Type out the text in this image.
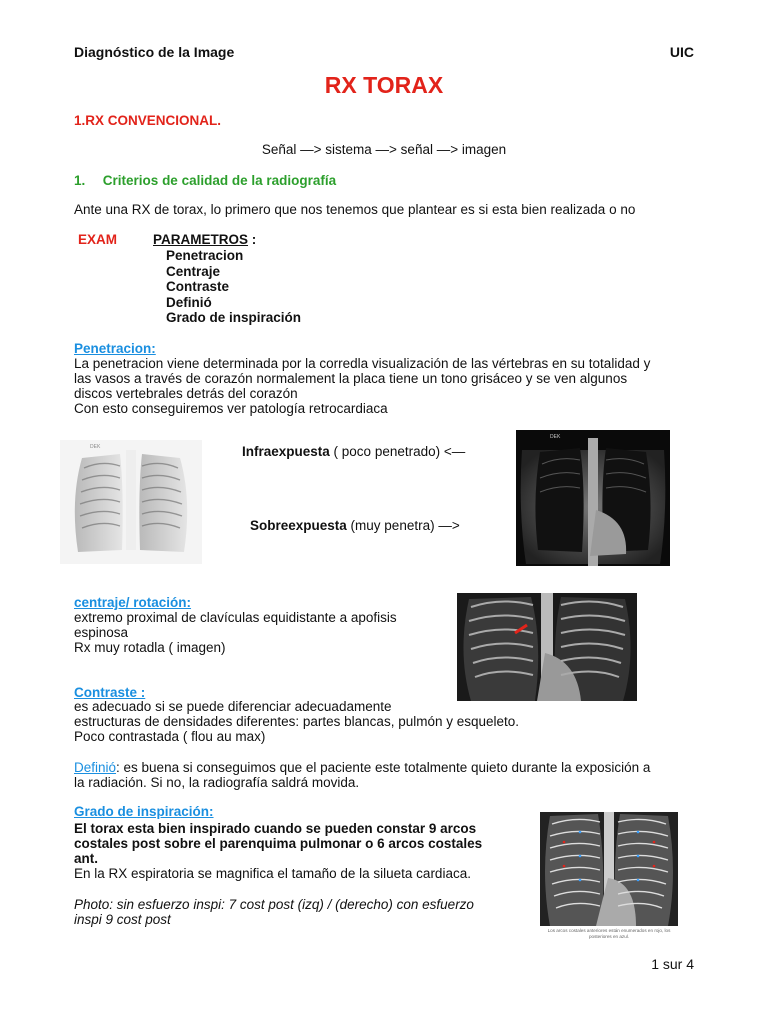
Diagnóstico de la Image	UIC
RX TORAX
1.RX CONVENCIONAL.
Señal —> sistema —> señal —> imagen
1. Criterios de calidad de la radiografía
Ante una RX de torax, lo primero que nos tenemos que plantear es si esta bien realizada o no
EXAM	PARAMETROS :
Penetracion
Centraje
Contraste
Definió
Grado de inspiración
Penetracion:
La penetracion viene determinada por la corredla visualización de las vértebras en su totalidad y
las vasos a través de corazón normalement la placa tiene un tono grisáceo y se ven algunos
discos vertebrales detrás del corazón
Con esto conseguiremos ver patología retrocardiaca
DEK	Infraexpuesta ( poco penetrado) <—
Sobreexpuesta (muy penetra) —>
DEK
centraje/ rotación:
extremo proximal de clavículas equidistante a apofisis
espinosa
Rx muy rotadla ( imagen)
Contraste :
es adecuado si se puede diferenciar adecuadamente
estructuras de densidades diferentes: partes blancas, pulmón y esqueleto.
Poco contrastada ( flou au max)
Definió: es buena si conseguimos que el paciente este totalmente quieto durante la exposición a
la radiación. Si no, la radiografía saldrá movida.
Grado de inspiración:
El torax esta bien inspirado cuando se pueden constar 9 arcos
costales post sobre el parenquima pulmonar o 6 arcos costales
ant.
En la RX espiratoria se magnifica el tamaño de la silueta cardiaca.
Photo: sin esfuerzo inspi: 7 cost post (izq) / (derecho) con esfuerzo
inspi 9 cost post
Los arcos costales anteriores están enumerados en rojo, los posteriores en azul.
1 sur 4
